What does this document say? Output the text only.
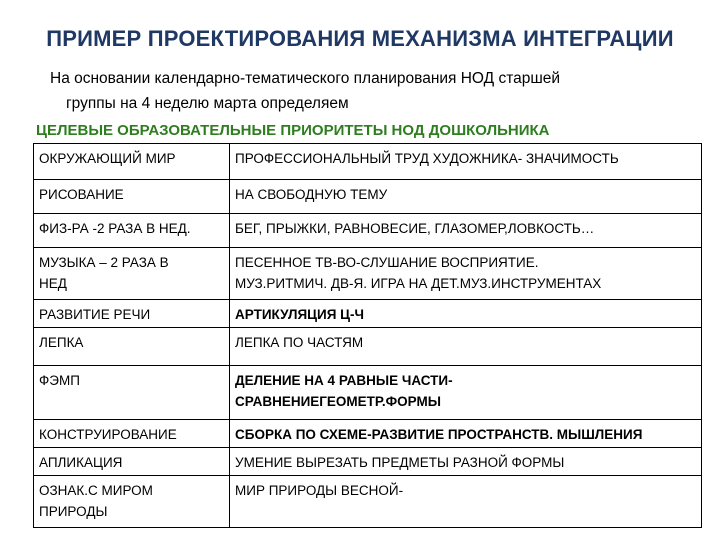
ПРИМЕР ПРОЕКТИРОВАНИЯ МЕХАНИЗМА ИНТЕГРАЦИИ
На основании календарно-тематического планирования НОД старшей
группы на 4 неделю марта определяем
ЦЕЛЕВЫЕ ОБРАЗОВАТЕЛЬНЫЕ ПРИОРИТЕТЫ НОД ДОШКОЛЬНИКА
ОКРУЖАЮЩИЙ МИР	ПРОФЕССИОНАЛЬНЫЙ ТРУД ХУДОЖНИКА- ЗНАЧИМОСТЬ

РИСОВАНИЕ	НА СВОБОДНУЮ ТЕМУ

ФИЗ-РА -2 РАЗА В НЕД.	БЕГ, ПРЫЖКИ, РАВНОВЕСИЕ, ГЛАЗОМЕР,ЛОВКОСТЬ…

МУЗЫКА – 2 РАЗА В
НЕД	ПЕСЕННОЕ ТВ-ВО-СЛУШАНИЕ ВОСПРИЯТИЕ.
МУЗ.РИТМИЧ. ДВ-Я. ИГРА НА ДЕТ.МУЗ.ИНСТРУМЕНТАХ

РАЗВИТИЕ РЕЧИ	АРТИКУЛЯЦИЯ Ц-Ч

ЛЕПКА	ЛЕПКА ПО ЧАСТЯМ

ФЭМП	ДЕЛЕНИЕ НА 4 РАВНЫЕ ЧАСТИ-
СРАВНЕНИЕГЕОМЕТР.ФОРМЫ

КОНСТРУИРОВАНИЕ	СБОРКА ПО СХЕМЕ-РАЗВИТИЕ ПРОСТРАНСТВ. МЫШЛЕНИЯ

АПЛИКАЦИЯ	УМЕНИЕ ВЫРЕЗАТЬ ПРЕДМЕТЫ РАЗНОЙ ФОРМЫ

ОЗНАК.С МИРОМ
ПРИРОДЫ	МИР ПРИРОДЫ ВЕСНОЙ-
